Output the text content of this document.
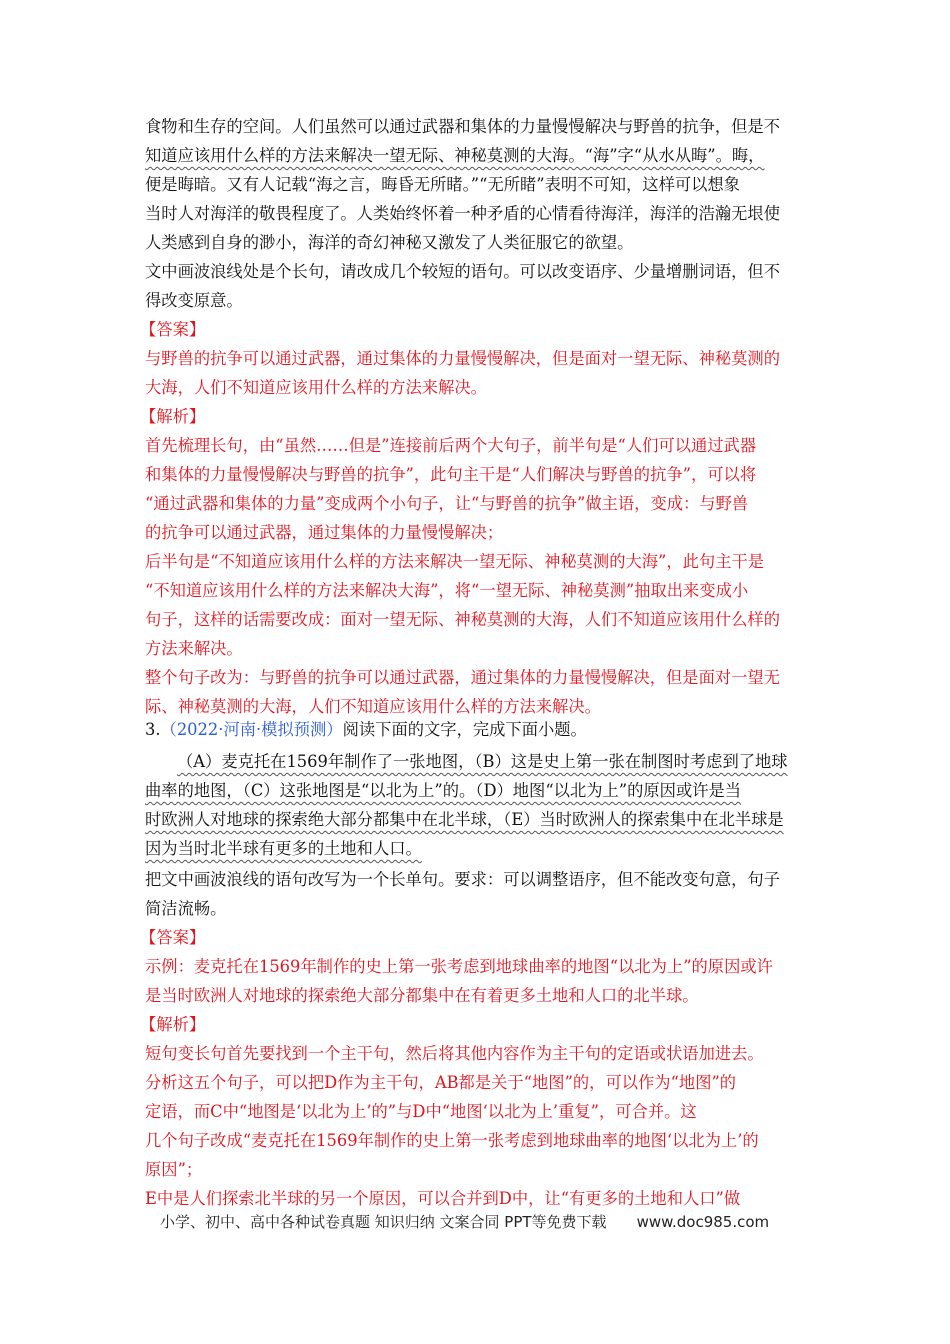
食物和生存的空间。人们虽然可以通过武器和集体的力量慢慢解决与野兽的抗争，但是不
知道应该用什么样的方法来解决一望无际、神秘莫测的大海。“海”字“从水从晦”。晦，
便是晦暗。又有人记载“海之言，晦昏无所睹。”“无所睹”表明不可知，这样可以想象
当时人对海洋的敬畏程度了。人类始终怀着一种矛盾的心情看待海洋，海洋的浩瀚无垠使
人类感到自身的渺小，海洋的奇幻神秘又激发了人类征服它的欲望。
文中画波浪线处是个长句，请改成几个较短的语句。可以改变语序、少量增删词语，但不
得改变原意。
【答案】
与野兽的抗争可以通过武器，通过集体的力量慢慢解决，但是面对一望无际、神秘莫测的
大海，人们不知道应该用什么样的方法来解决。
【解析】
首先梳理长句，由“虽然……但是”连接前后两个大句子，前半句是“人们可以通过武器
和集体的力量慢慢解决与野兽的抗争”，此句主干是“人们解决与野兽的抗争”，可以将
“通过武器和集体的力量”变成两个小句子，让“与野兽的抗争”做主语，变成：与野兽
的抗争可以通过武器，通过集体的力量慢慢解决；
后半句是“不知道应该用什么样的方法来解决一望无际、神秘莫测的大海”，此句主干是
“不知道应该用什么样的方法来解决大海”，将“一望无际、神秘莫测”抽取出来变成小
句子，这样的话需要改成：面对一望无际、神秘莫测的大海，人们不知道应该用什么样的
方法来解决。
整个句子改为：与野兽的抗争可以通过武器，通过集体的力量慢慢解决，但是面对一望无
际、神秘莫测的大海，人们不知道应该用什么样的方法来解决。
3.（2022·河南·模拟预测）阅读下面的文字，完成下面小题。
（A）麦克托在1569年制作了一张地图，（B）这是史上第一张在制图时考虑到了地球
曲率的地图，（C）这张地图是“以北为上”的。（D）地图“以北为上”的原因或许是当
时欧洲人对地球的探索绝大部分都集中在北半球，（E）当时欧洲人的探索集中在北半球是
因为当时北半球有更多的土地和人口。
把文中画波浪线的语句改写为一个长单句。要求：可以调整语序，但不能改变句意，句子
简洁流畅。
【答案】
示例：麦克托在1569年制作的史上第一张考虑到地球曲率的地图“以北为上”的原因或许
是当时欧洲人对地球的探索绝大部分都集中在有着更多土地和人口的北半球。
【解析】
短句变长句首先要找到一个主干句，然后将其他内容作为主干句的定语或状语加进去。
分析这五个句子，可以把D作为主干句，AB都是关于“地图”的，可以作为“地图”的
定语，而C中“地图是‘以北为上’的”与D中“地图‘以北为上’重复”，可合并。这
几个句子改成“麦克托在1569年制作的史上第一张考虑到地球曲率的地图‘以北为上’的
原因”；
E中是人们探索北半球的另一个原因，可以合并到D中，让“有更多的土地和人口”做
小学、初中、高中各种试卷真题 知识归纳 文案合同 PPT等免费下载 www.doc985.com
